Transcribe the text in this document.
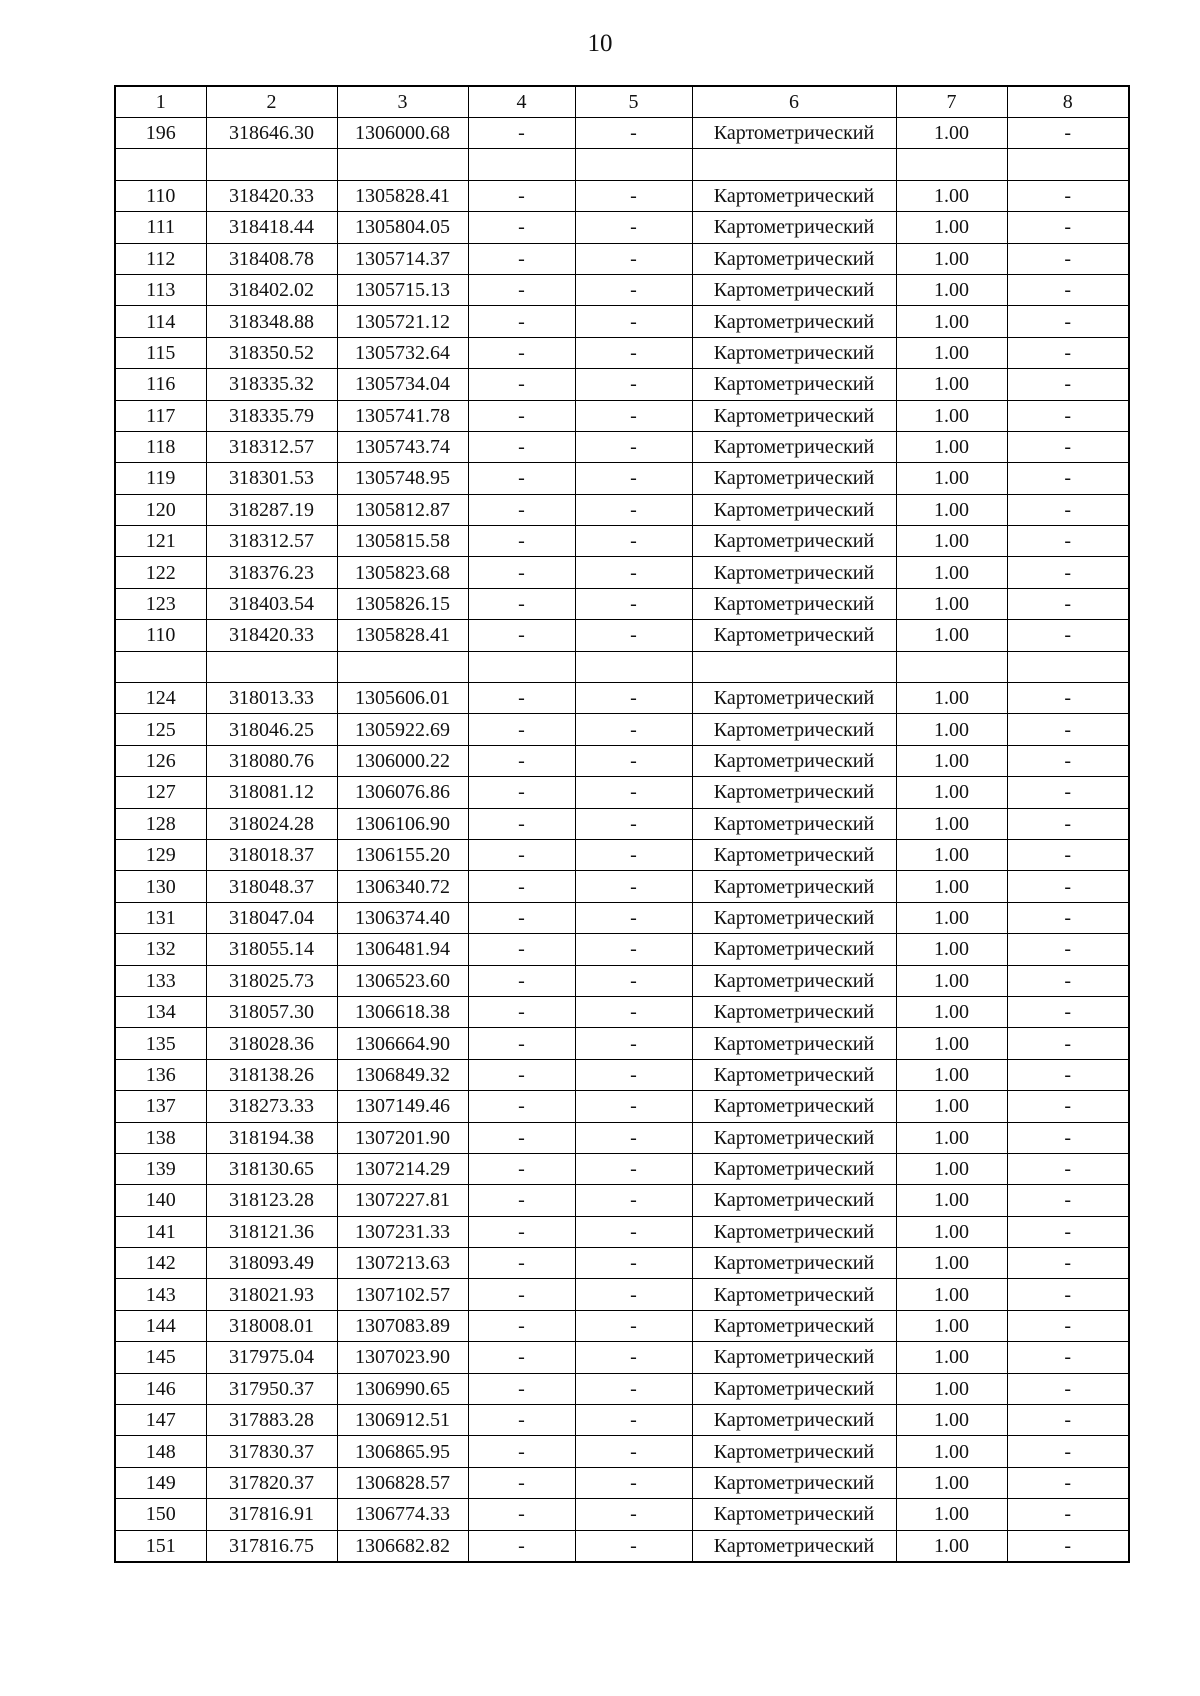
10
1	2	3	4	5	6	7	8
196	318646.30	1306000.68	-	-	Картометрический	1.00	-

110	318420.33	1305828.41	-	-	Картометрический	1.00	-
111	318418.44	1305804.05	-	-	Картометрический	1.00	-
112	318408.78	1305714.37	-	-	Картометрический	1.00	-
113	318402.02	1305715.13	-	-	Картометрический	1.00	-
114	318348.88	1305721.12	-	-	Картометрический	1.00	-
115	318350.52	1305732.64	-	-	Картометрический	1.00	-
116	318335.32	1305734.04	-	-	Картометрический	1.00	-
117	318335.79	1305741.78	-	-	Картометрический	1.00	-
118	318312.57	1305743.74	-	-	Картометрический	1.00	-
119	318301.53	1305748.95	-	-	Картометрический	1.00	-
120	318287.19	1305812.87	-	-	Картометрический	1.00	-
121	318312.57	1305815.58	-	-	Картометрический	1.00	-
122	318376.23	1305823.68	-	-	Картометрический	1.00	-
123	318403.54	1305826.15	-	-	Картометрический	1.00	-
110	318420.33	1305828.41	-	-	Картометрический	1.00	-

124	318013.33	1305606.01	-	-	Картометрический	1.00	-
125	318046.25	1305922.69	-	-	Картометрический	1.00	-
126	318080.76	1306000.22	-	-	Картометрический	1.00	-
127	318081.12	1306076.86	-	-	Картометрический	1.00	-
128	318024.28	1306106.90	-	-	Картометрический	1.00	-
129	318018.37	1306155.20	-	-	Картометрический	1.00	-
130	318048.37	1306340.72	-	-	Картометрический	1.00	-
131	318047.04	1306374.40	-	-	Картометрический	1.00	-
132	318055.14	1306481.94	-	-	Картометрический	1.00	-
133	318025.73	1306523.60	-	-	Картометрический	1.00	-
134	318057.30	1306618.38	-	-	Картометрический	1.00	-
135	318028.36	1306664.90	-	-	Картометрический	1.00	-
136	318138.26	1306849.32	-	-	Картометрический	1.00	-
137	318273.33	1307149.46	-	-	Картометрический	1.00	-
138	318194.38	1307201.90	-	-	Картометрический	1.00	-
139	318130.65	1307214.29	-	-	Картометрический	1.00	-
140	318123.28	1307227.81	-	-	Картометрический	1.00	-
141	318121.36	1307231.33	-	-	Картометрический	1.00	-
142	318093.49	1307213.63	-	-	Картометрический	1.00	-
143	318021.93	1307102.57	-	-	Картометрический	1.00	-
144	318008.01	1307083.89	-	-	Картометрический	1.00	-
145	317975.04	1307023.90	-	-	Картометрический	1.00	-
146	317950.37	1306990.65	-	-	Картометрический	1.00	-
147	317883.28	1306912.51	-	-	Картометрический	1.00	-
148	317830.37	1306865.95	-	-	Картометрический	1.00	-
149	317820.37	1306828.57	-	-	Картометрический	1.00	-
150	317816.91	1306774.33	-	-	Картометрический	1.00	-
151	317816.75	1306682.82	-	-	Картометрический	1.00	-
